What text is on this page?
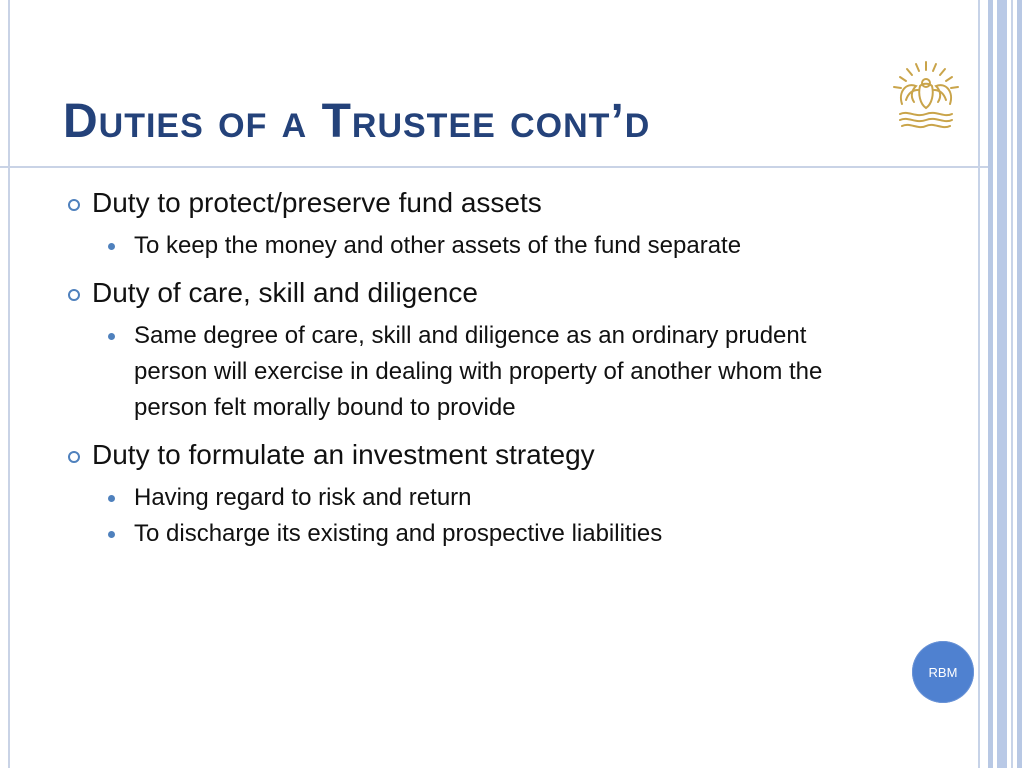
Duties of a Trustee cont’d
Duty to protect/preserve fund assets
To keep the money and other assets of the fund separate
Duty of care, skill and diligence
Same degree of care, skill and diligence as an ordinary prudent person will exercise in dealing with property of another whom the person felt morally bound to provide
Duty to formulate an investment strategy
Having regard to risk and return
To discharge its existing and prospective liabilities
RBM
